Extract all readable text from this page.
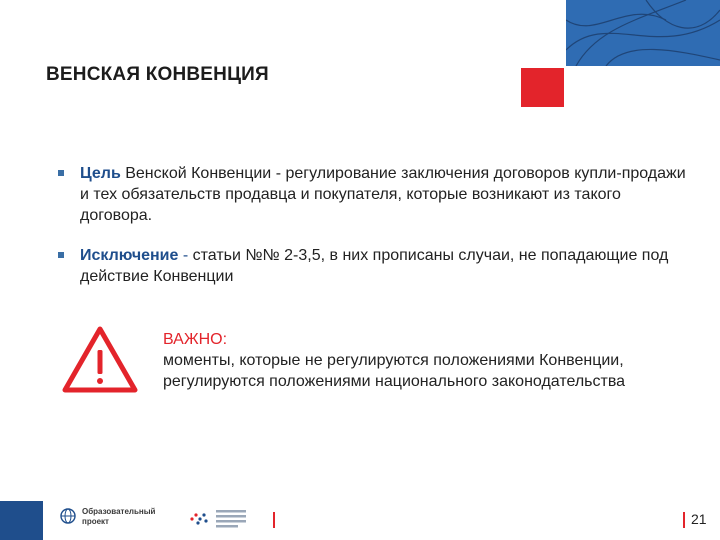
ВЕНСКАЯ КОНВЕНЦИЯ
Цель Венской Конвенции - регулирование заключения договоров купли-продажи и тех обязательств продавца и покупателя, которые возникают из такого договора.
Исключение - статьи №№ 2-3,5, в них прописаны случаи, не попадающие под действие Конвенции
ВАЖНО:
моменты, которые не регулируются положениями Конвенции, регулируются положениями национального законодательства
Образовательный проект	21
